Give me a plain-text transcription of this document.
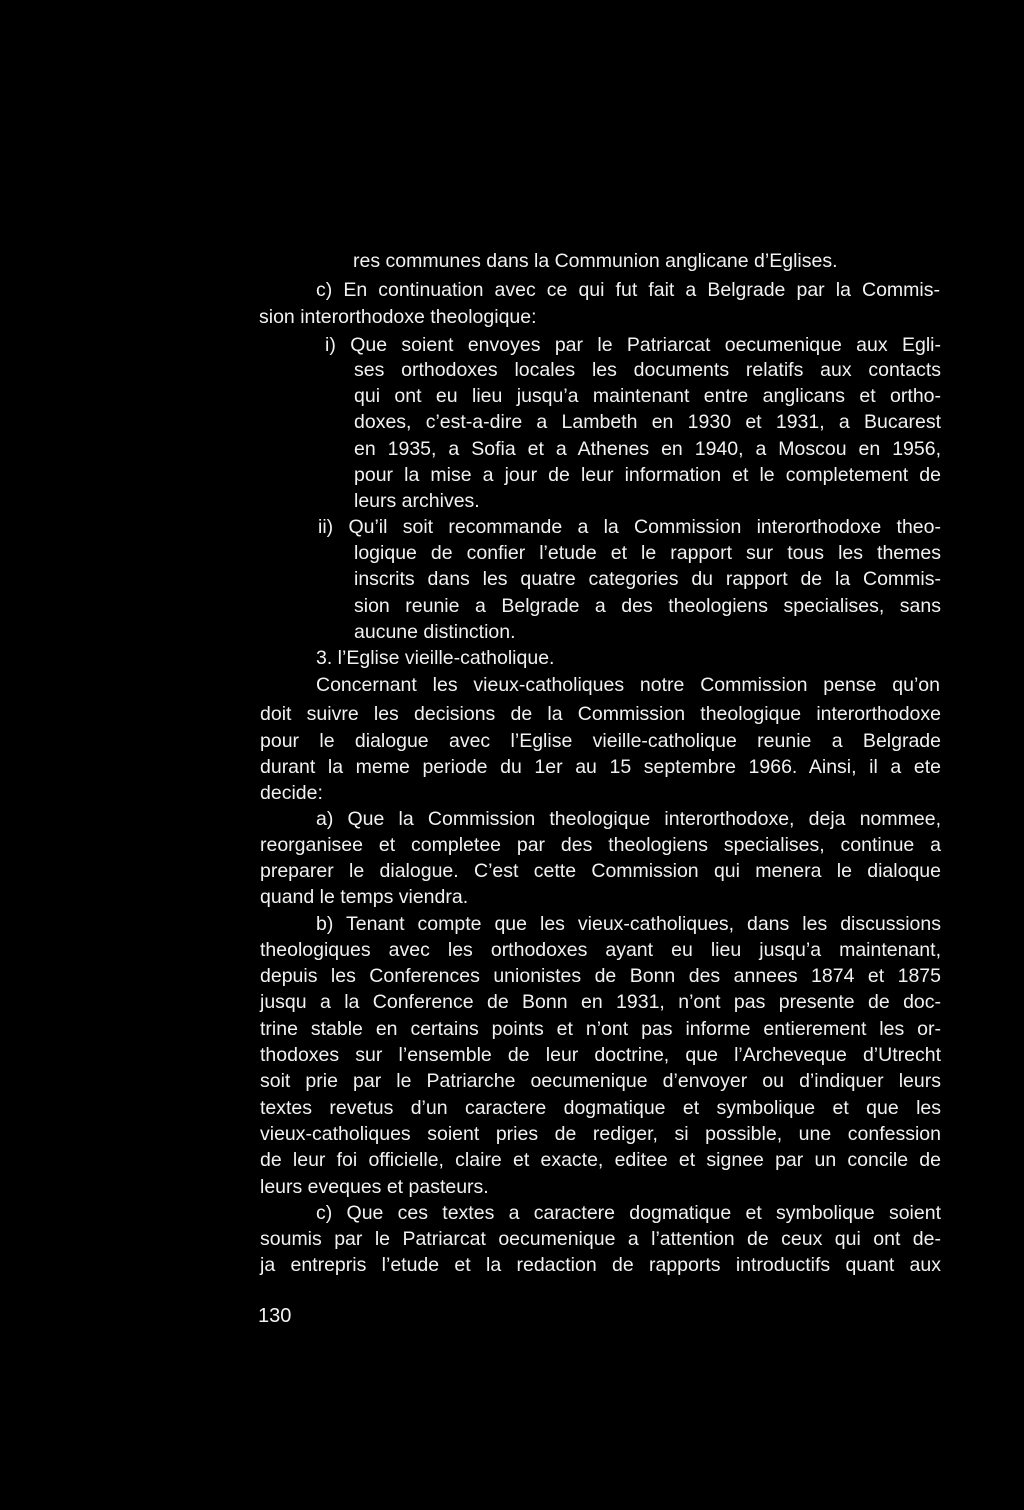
res communes dans la Communion anglicane d’Eglises.
c) En continuation avec ce qui fut fait a Belgrade par la Commis-
sion interorthodoxe theologique:
i) Que soient envoyes par le Patriarcat oecumenique aux Egli-
ses orthodoxes locales les documents relatifs aux contacts
qui ont eu lieu jusqu’a maintenant entre anglicans et ortho-
doxes, c’est-a-dire a Lambeth en 1930 et 1931, a Bucarest
en 1935, a Sofia et a Athenes en 1940, a Moscou en 1956,
pour la mise a jour de leur information et le completement de
leurs archives.
ii) Qu’il soit recommande a la Commission interorthodoxe theo-
logique de confier l’etude et le rapport sur tous les themes
inscrits dans les quatre categories du rapport de la Commis-
sion reunie a Belgrade a des theologiens specialises, sans
aucune distinction.
3. l’Eglise vieille-catholique.
Concernant les vieux-catholiques notre Commission pense qu’on
doit suivre les decisions de la Commission theologique interorthodoxe
pour le dialogue avec l’Eglise vieille-catholique reunie a Belgrade
durant la meme periode du 1er au 15 septembre 1966. Ainsi, il a ete
decide:
a) Que la Commission theologique interorthodoxe, deja nommee,
reorganisee et completee par des theologiens specialises, continue a
preparer le dialogue. C’est cette Commission qui menera le dialoque
quand le temps viendra.
b) Tenant compte que les vieux-catholiques, dans les discussions
theologiques avec les orthodoxes ayant eu lieu jusqu’a maintenant,
depuis les Conferences unionistes de Bonn des annees 1874 et 1875
jusqu a la Conference de Bonn en 1931, n’ont pas presente de doc-
trine stable en certains points et n’ont pas informe entierement les or-
thodoxes sur l’ensemble de leur doctrine, que l’Archeveque d’Utrecht
soit prie par le Patriarche oecumenique d’envoyer ou d’indiquer leurs
textes revetus d’un caractere dogmatique et symbolique et que les
vieux-catholiques soient pries de rediger, si possible, une confession
de leur foi officielle, claire et exacte, editee et signee par un concile de
leurs eveques et pasteurs.
c) Que ces textes a caractere dogmatique et symbolique soient
soumis par le Patriarcat oecumenique a l’attention de ceux qui ont de-
ja entrepris l’etude et la redaction de rapports introductifs quant aux
130
